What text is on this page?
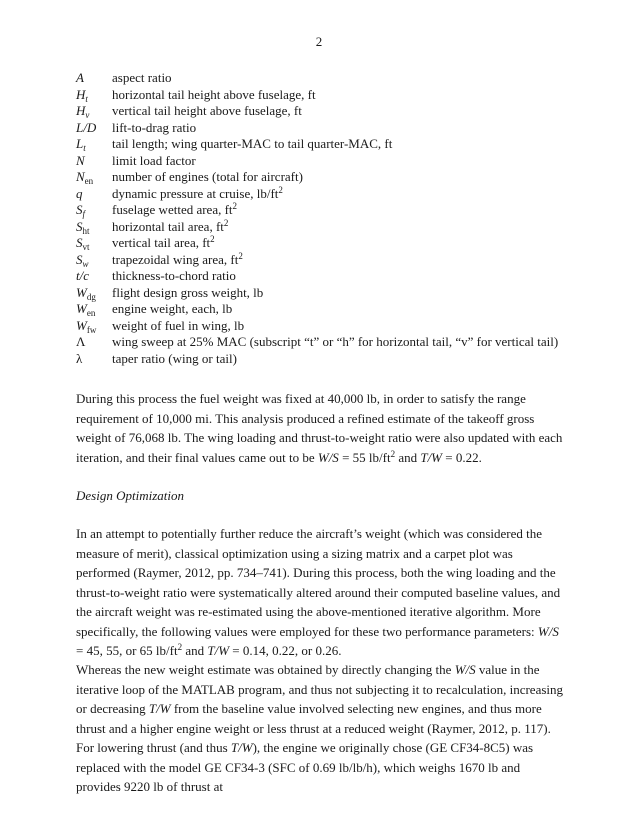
2
A	aspect ratio
$H_t$	horizontal tail height above fuselage, ft
$H_v$	vertical tail height above fuselage, ft
L/D	lift-to-drag ratio
$L_t$	tail length; wing quarter-MAC to tail quarter-MAC, ft
N	limit load factor
$N_{en}$	number of engines (total for aircraft)
q	dynamic pressure at cruise, $lb/ft^2$
$S_f$	fuselage wetted area, $ft^2$
$S_{ht}$	horizontal tail area, $ft^2$
$S_{vt}$	vertical tail area, $ft^2$
$S_w$	trapezoidal wing area, $ft^2$
t/c	thickness-to-chord ratio
$W_{dg}$	flight design gross weight, lb
$W_{en}$	engine weight, each, lb
$W_{fw}$	weight of fuel in wing, lb
Λ	wing sweep at 25% MAC (subscript “t” or “h” for horizontal tail, “v” for vertical tail)
λ	taper ratio (wing or tail)

During this process the fuel weight was fixed at 40,000 lb, in order to satisfy the range requirement of 10,000 mi. This analysis produced a refined estimate of the takeoff gross weight of 76,068 lb. The wing loading and thrust-to-weight ratio were also updated with each iteration, and their final values came out to be W/S = 55 $lb/ft^2$ and T/W = 0.22.

Design Optimization

In an attempt to potentially further reduce the aircraft’s weight (which was considered the measure of merit), classical optimization using a sizing matrix and a carpet plot was performed (Raymer, 2012, pp. 734–741). During this process, both the wing loading and the thrust-to-weight ratio were systematically altered around their computed baseline values, and the aircraft weight was re-estimated using the above-mentioned iterative algorithm. More specifically, the following values were employed for these two performance parameters: W/S = 45, 55, or 65 $lb/ft^2$ and T/W = 0.14, 0.22, or 0.26.

Whereas the new weight estimate was obtained by directly changing the W/S value in the iterative loop of the MATLAB program, and thus not subjecting it to recalculation, increasing or decreasing T/W from the baseline value involved selecting new engines, and thus more thrust and a higher engine weight or less thrust at a reduced weight (Raymer, 2012, p. 117). For lowering thrust (and thus T/W), the engine we originally chose (GE CF34-8C5) was replaced with the model GE CF34-3 (SFC of 0.69 lb/lb/h), which weighs 1670 lb and provides 9220 lb of thrust at
